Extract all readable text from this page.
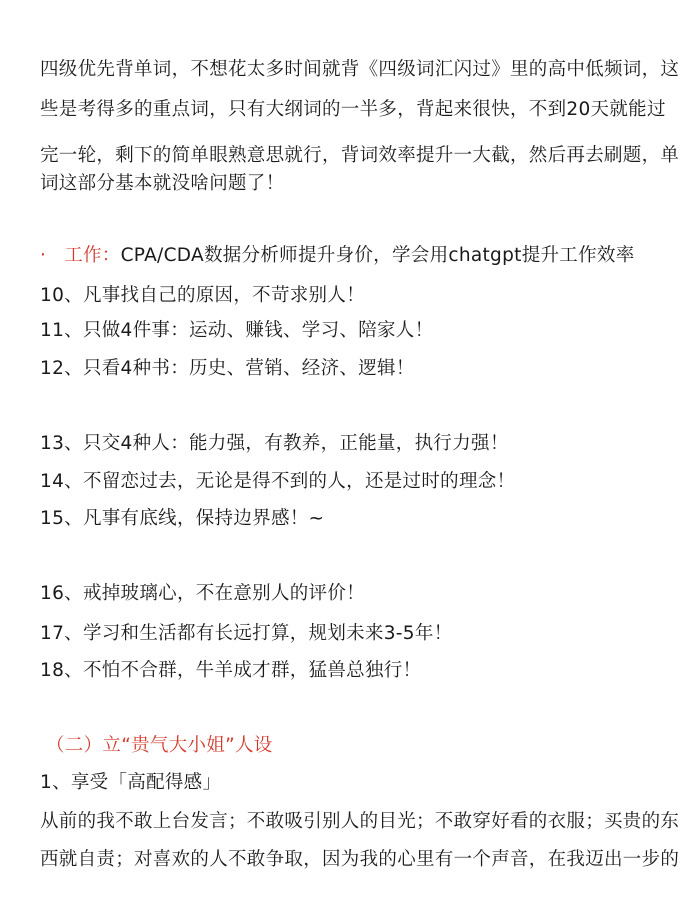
四级优先背单词，不想花太多时间就背《四级词汇闪过》里的高中低频词，这
些是考得多的重点词，只有大纲词的一半多，背起来很快，不到20天就能过
完一轮，剩下的简单眼熟意思就行，背词效率提升一大截，然后再去刷题，单
词这部分基本就没啥问题了！
· 工作：CPA/CDA数据分析师提升身价，学会用chatgpt提升工作效率
10、凡事找自己的原因，不苛求别人！
11、只做4件事：运动、赚钱、学习、陪家人！
12、只看4种书：历史、营销、经济、逻辑！
13、只交4种人：能力强，有教养，正能量，执行力强！
14、不留恋过去，无论是得不到的人，还是过时的理念！
15、凡事有底线，保持边界感！~
16、戒掉玻璃心，不在意别人的评价！
17、学习和生活都有长远打算，规划未来3-5年！
18、不怕不合群，牛羊成才群，猛兽总独行！
（二）立“贵气大小姐”人设
1、享受「高配得感」
从前的我不敢上台发言；不敢吸引别人的目光；不敢穿好看的衣服；买贵的东
西就自责；对喜欢的人不敢争取，因为我的心里有一个声音，在我迈出一步的
